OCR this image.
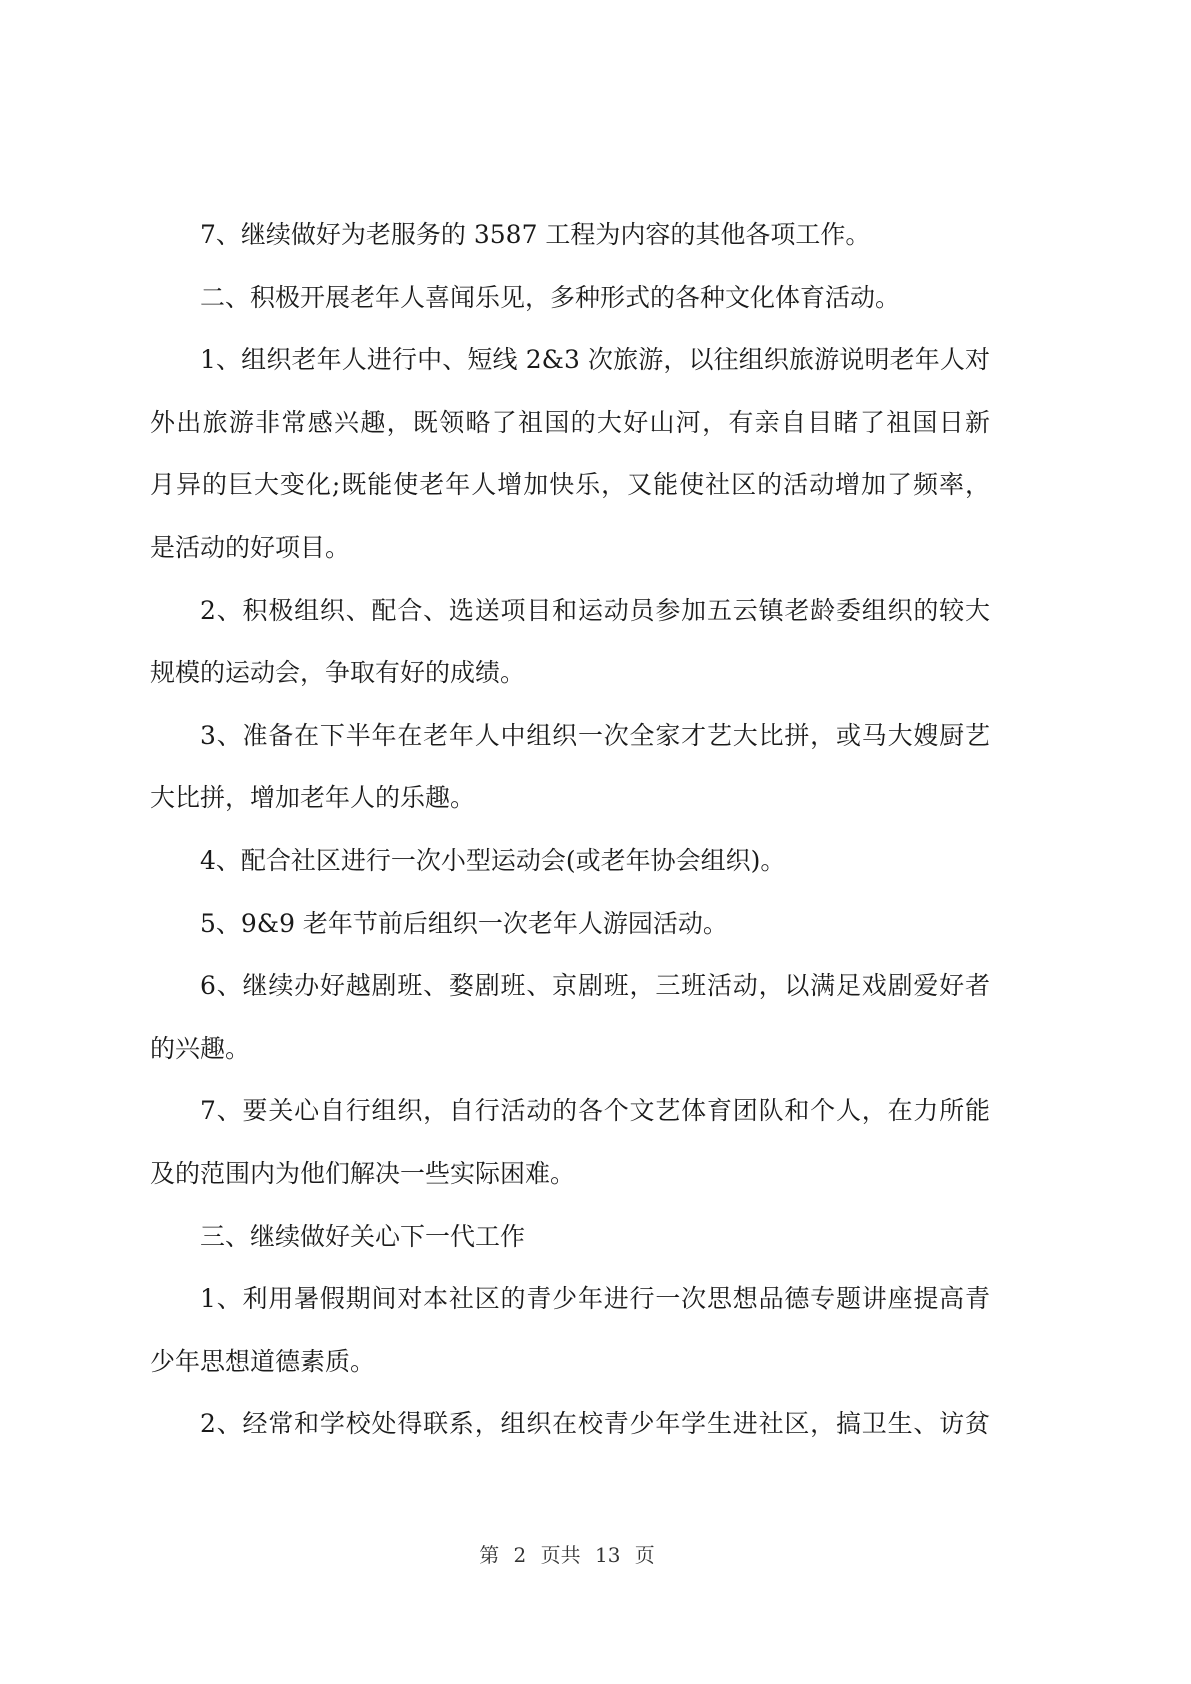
7、继续做好为老服务的 3587 工程为内容的其他各项工作。
二、积极开展老年人喜闻乐见，多种形式的各种文化体育活动。
1、组织老年人进行中、短线 2&3 次旅游，以往组织旅游说明老年人对
外出旅游非常感兴趣，既领略了祖国的大好山河，有亲自目睹了祖国日新
月异的巨大变化;既能使老年人增加快乐，又能使社区的活动增加了频率，
是活动的好项目。
2、积极组织、配合、选送项目和运动员参加五云镇老龄委组织的较大
规模的运动会，争取有好的成绩。
3、准备在下半年在老年人中组织一次全家才艺大比拼，或马大嫂厨艺
大比拼，增加老年人的乐趣。
4、配合社区进行一次小型运动会(或老年协会组织)。
5、9&9 老年节前后组织一次老年人游园活动。
6、继续办好越剧班、婺剧班、京剧班，三班活动，以满足戏剧爱好者
的兴趣。
7、要关心自行组织，自行活动的各个文艺体育团队和个人，在力所能
及的范围内为他们解决一些实际困难。
三、继续做好关心下一代工作
1、利用暑假期间对本社区的青少年进行一次思想品德专题讲座提高青
少年思想道德素质。
2、经常和学校处得联系，组织在校青少年学生进社区，搞卫生、访贫
第 2 页共 13 页
